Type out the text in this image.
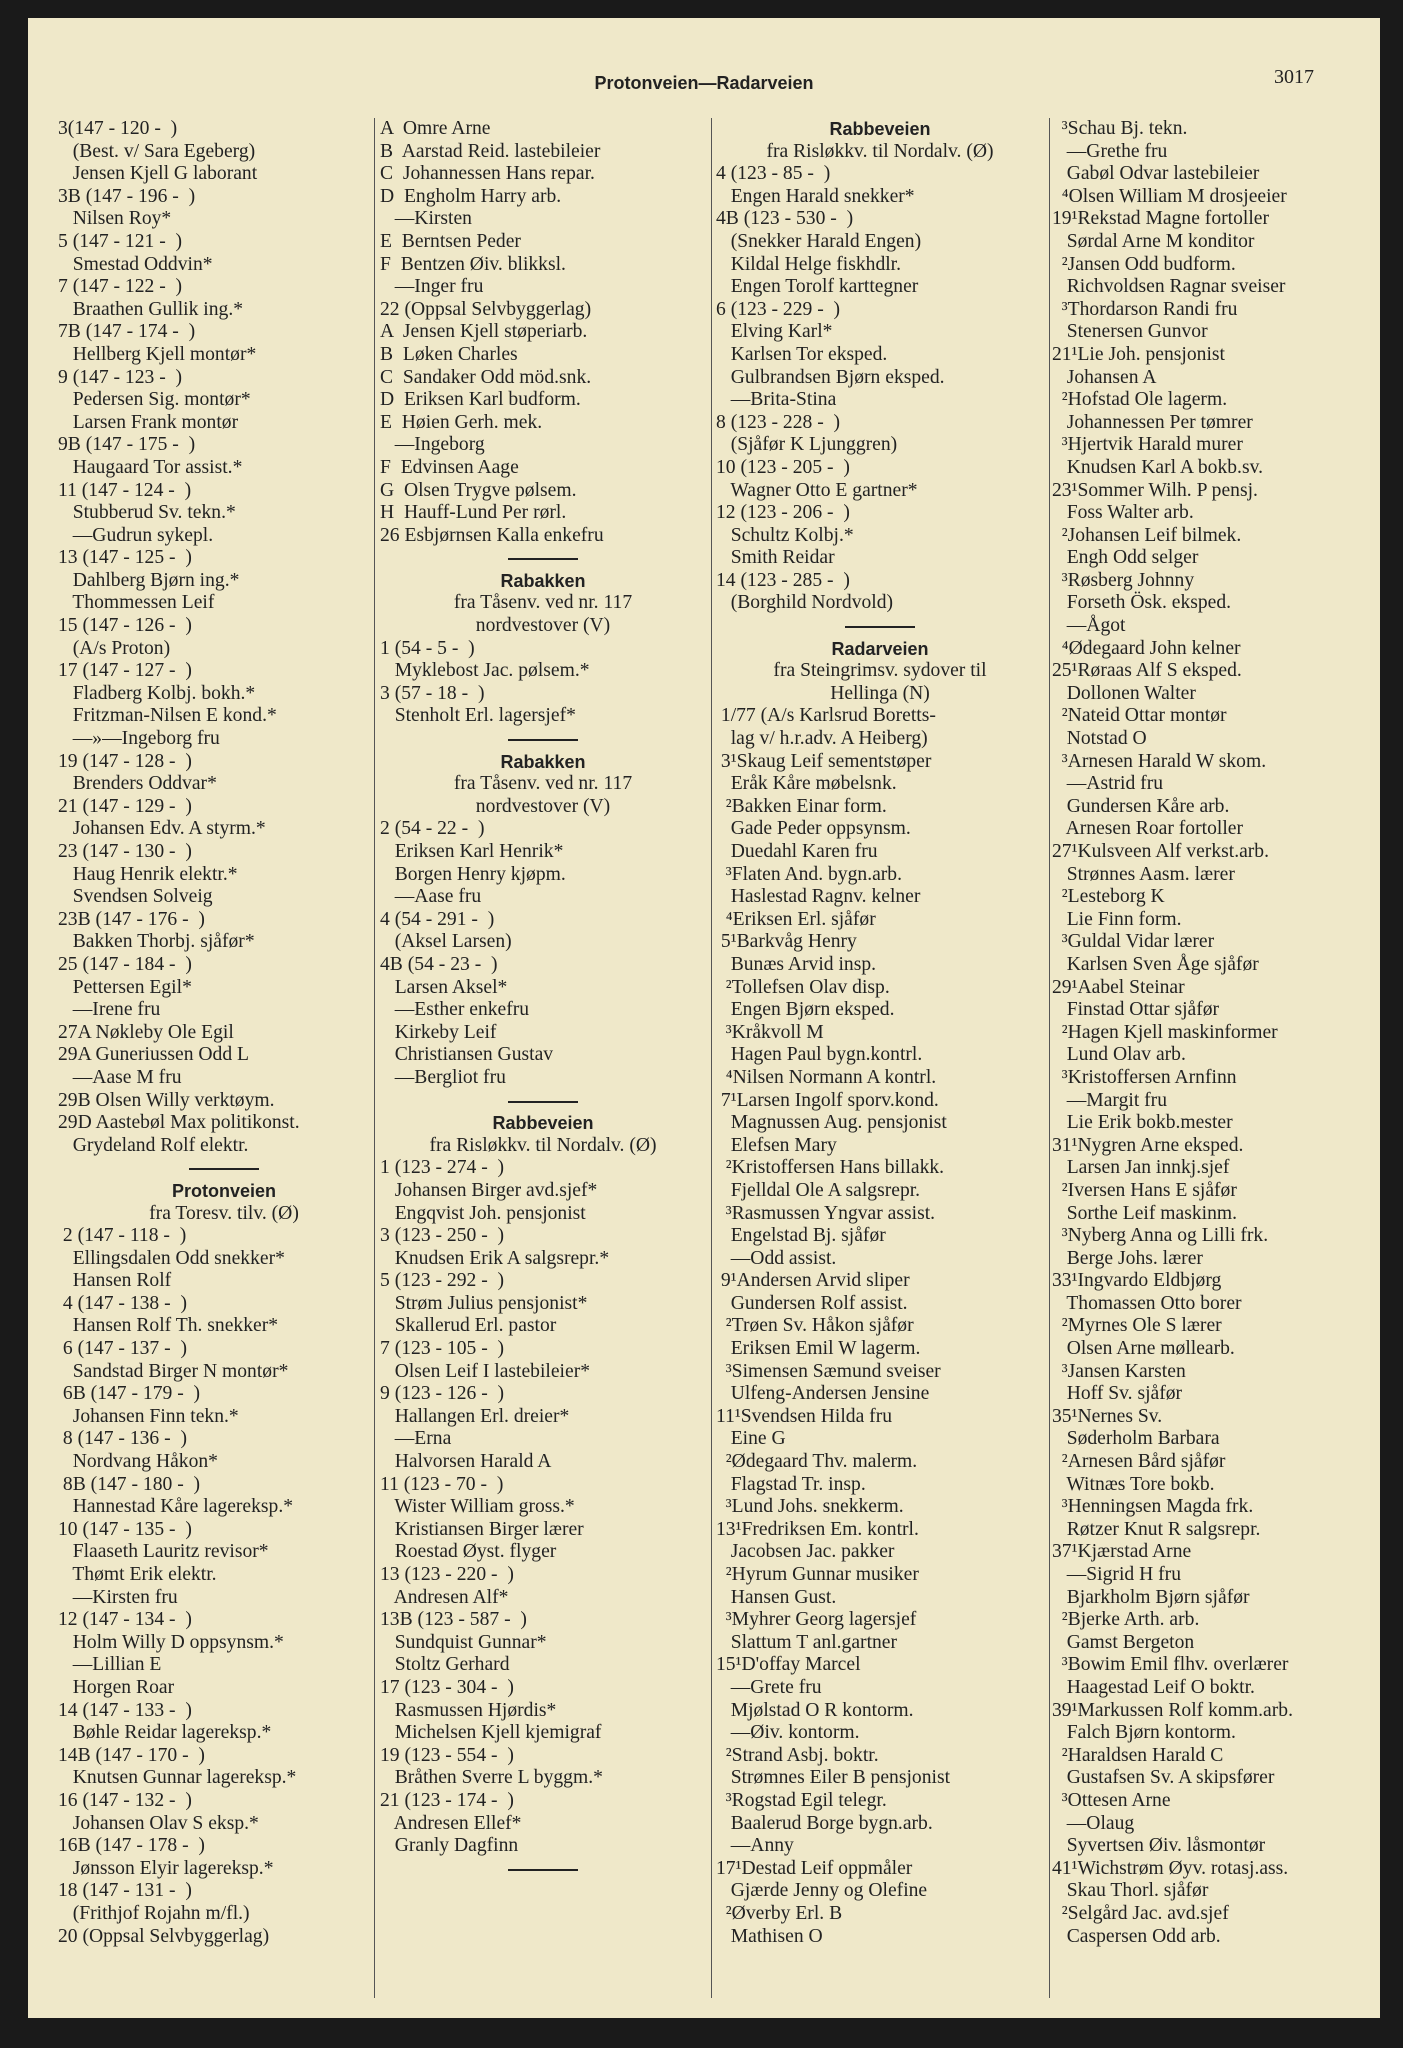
Protonveien—Radarveien	3017
3(147 - 120 -  )
(Best. v/ Sara Egeberg)
Jensen Kjell G laborant
3B (147 - 196 -  )
Nilsen Roy*
5 (147 - 121 -  )
Smestad Oddvin*
7 (147 - 122 -  )
Braathen Gullik ing.*
7B (147 - 174 -  )
Hellberg Kjell montør*
9 (147 - 123 -  )
Pedersen Sig. montør*
Larsen Frank montør
9B (147 - 175 -  )
Haugaard Tor assist.*
11 (147 - 124 -  )
Stubberud Sv. tekn.*
—Gudrun sykepl.
13 (147 - 125 -  )
Dahlberg Bjørn ing.*
Thommessen Leif
15 (147 - 126 -  )
(A/s Proton)
17 (147 - 127 -  )
Fladberg Kolbj. bokh.*
Fritzman-Nilsen E kond.*
—»—Ingeborg fru
19 (147 - 128 -  )
Brenders Oddvar*
21 (147 - 129 -  )
Johansen Edv. A styrm.*
23 (147 - 130 -  )
Haug Henrik elektr.*
Svendsen Solveig
23B (147 - 176 -  )
Bakken Thorbj. sjåfør*
25 (147 - 184 -  )
Pettersen Egil*
—Irene fru
27A Nøkleby Ole Egil
29A Guneriussen Odd L
—Aase M fru
29B Olsen Willy verktøym.
29D Aastebøl Max politikonst.
Grydeland Rolf elektr.
Protonveien
fra Toresv. tilv. (Ø)
2 (147 - 118 -  )
Ellingsdalen Odd snekker*
Hansen Rolf
4 (147 - 138 -  )
Hansen Rolf Th. snekker*
6 (147 - 137 -  )
Sandstad Birger N montør*
6B (147 - 179 -  )
Johansen Finn tekn.*
8 (147 - 136 -  )
Nordvang Håkon*
8B (147 - 180 -  )
Hannestad Kåre lagereksp.*
10 (147 - 135 -  )
Flaaseth Lauritz revisor*
Thømt Erik elektr.
—Kirsten fru
12 (147 - 134 -  )
Holm Willy D oppsynsm.*
—Lillian E
Horgen Roar
14 (147 - 133 -  )
Bøhle Reidar lagereksp.*
14B (147 - 170 -  )
Knutsen Gunnar lagereksp.*
16 (147 - 132 -  )
Johansen Olav S eksp.*
16B (147 - 178 -  )
Jønsson Elyir lagereksp.*
18 (147 - 131 -  )
(Frithjof Rojahn m/fl.)
20 (Oppsal Selvbyggerlag)
A  Omre Arne
B  Aarstad Reid. lastebileier
C  Johannessen Hans repar.
D  Engholm Harry arb.
—Kirsten
E  Berntsen Peder
F  Bentzen Øiv. blikksl.
—Inger fru
22 (Oppsal Selvbyggerlag)
A  Jensen Kjell støperiarb.
B  Løken Charles
C  Sandaker Odd möd.snk.
D  Eriksen Karl budform.
E  Høien Gerh. mek.
—Ingeborg
F  Edvinsen Aage
G  Olsen Trygve pølsem.
H  Hauff-Lund Per rørl.
26 Esbjørnsen Kalla enkefru
Rabakken
fra Tåsenv. ved nr. 117
nordvestover (V)
1 (54 - 5 -  )
Myklebost Jac. pølsem.*
3 (57 - 18 -  )
Stenholt Erl. lagersjef*
Rabakken
fra Tåsenv. ved nr. 117
nordvestover (V)
2 (54 - 22 -  )
Eriksen Karl Henrik*
Borgen Henry kjøpm.
—Aase fru
4 (54 - 291 -  )
(Aksel Larsen)
4B (54 - 23 -  )
Larsen Aksel*
—Esther enkefru
Kirkeby Leif
Christiansen Gustav
—Bergliot fru
Rabbeveien
fra Risløkkv. til Nordalv. (Ø)
1 (123 - 274 -  )
Johansen Birger avd.sjef*
Engqvist Joh. pensjonist
3 (123 - 250 -  )
Knudsen Erik A salgsrepr.*
5 (123 - 292 -  )
Strøm Julius pensjonist*
Skallerud Erl. pastor
7 (123 - 105 -  )
Olsen Leif I lastebileier*
9 (123 - 126 -  )
Hallangen Erl. dreier*
—Erna
Halvorsen Harald A
11 (123 - 70 -  )
Wister William gross.*
Kristiansen Birger lærer
Roestad Øyst. flyger
13 (123 - 220 -  )
Andresen Alf*
13B (123 - 587 -  )
Sundquist Gunnar*
Stoltz Gerhard
17 (123 - 304 -  )
Rasmussen Hjørdis*
Michelsen Kjell kjemigraf
19 (123 - 554 -  )
Bråthen Sverre L byggm.*
21 (123 - 174 -  )
Andresen Ellef*
Granly Dagfinn
Rabbeveien
fra Risløkkv. til Nordalv. (Ø)
4 (123 - 85 -  )
Engen Harald snekker*
4B (123 - 530 -  )
(Snekker Harald Engen)
Kildal Helge fiskhdlr.
Engen Torolf karttegner
6 (123 - 229 -  )
Elving Karl*
Karlsen Tor eksped.
Gulbrandsen Bjørn eksped.
—Brita-Stina
8 (123 - 228 -  )
(Sjåfør K Ljunggren)
10 (123 - 205 -  )
Wagner Otto E gartner*
12 (123 - 206 -  )
Schultz Kolbj.*
Smith Reidar
14 (123 - 285 -  )
(Borghild Nordvold)
Radarveien
fra Steingrimsv. sydover til
Hellinga (N)
1/77 (A/s Karlsrud Boretts-
lag v/ h.r.adv. A Heiberg)
3¹Skaug Leif sementstøper
Eråk Kåre møbelsnk.
²Bakken Einar form.
Gade Peder oppsynsm.
Duedahl Karen fru
³Flaten And. bygn.arb.
Haslestad Ragnv. kelner
⁴Eriksen Erl. sjåfør
5¹Barkvåg Henry
Bunæs Arvid insp.
²Tollefsen Olav disp.
Engen Bjørn eksped.
³Kråkvoll M
Hagen Paul bygn.kontrl.
⁴Nilsen Normann A kontrl.
7¹Larsen Ingolf sporv.kond.
Magnussen Aug. pensjonist
Elefsen Mary
²Kristoffersen Hans billakk.
Fjelldal Ole A salgsrepr.
³Rasmussen Yngvar assist.
Engelstad Bj. sjåfør
—Odd assist.
9¹Andersen Arvid sliper
Gundersen Rolf assist.
²Trøen Sv. Håkon sjåfør
Eriksen Emil W lagerm.
³Simensen Sæmund sveiser
Ulfeng-Andersen Jensine
11¹Svendsen Hilda fru
Eine G
²Ødegaard Thv. malerm.
Flagstad Tr. insp.
³Lund Johs. snekkerm.
13¹Fredriksen Em. kontrl.
Jacobsen Jac. pakker
²Hyrum Gunnar musiker
Hansen Gust.
³Myhrer Georg lagersjef
Slattum T anl.gartner
15¹D'offay Marcel
—Grete fru
Mjølstad O R kontorm.
—Øiv. kontorm.
²Strand Asbj. boktr.
Strømnes Eiler B pensjonist
³Rogstad Egil telegr.
Baalerud Borge bygn.arb.
—Anny
17¹Destad Leif oppmåler
Gjærde Jenny og Olefine
²Øverby Erl. B
Mathisen O
³Schau Bj. tekn.
—Grethe fru
Gabøl Odvar lastebileier
⁴Olsen William M drosjeeier
19¹Rekstad Magne fortoller
Sørdal Arne M konditor
²Jansen Odd budform.
Richvoldsen Ragnar sveiser
³Thordarson Randi fru
Stenersen Gunvor
21¹Lie Joh. pensjonist
Johansen A
²Hofstad Ole lagerm.
Johannessen Per tømrer
³Hjertvik Harald murer
Knudsen Karl A bokb.sv.
23¹Sommer Wilh. P pensj.
Foss Walter arb.
²Johansen Leif bilmek.
Engh Odd selger
³Røsberg Johnny
Forseth Ösk. eksped.
—Ågot
⁴Ødegaard John kelner
25¹Røraas Alf S eksped.
Dollonen Walter
²Nateid Ottar montør
Notstad O
³Arnesen Harald W skom.
—Astrid fru
Gundersen Kåre arb.
Arnesen Roar fortoller
27¹Kulsveen Alf verkst.arb.
Strønnes Aasm. lærer
²Lesteborg K
Lie Finn form.
³Guldal Vidar lærer
Karlsen Sven Åge sjåfør
29¹Aabel Steinar
Finstad Ottar sjåfør
²Hagen Kjell maskinformer
Lund Olav arb.
³Kristoffersen Arnfinn
—Margit fru
Lie Erik bokb.mester
31¹Nygren Arne eksped.
Larsen Jan innkj.sjef
²Iversen Hans E sjåfør
Sorthe Leif maskinm.
³Nyberg Anna og Lilli frk.
Berge Johs. lærer
33¹Ingvardo Eldbjørg
Thomassen Otto borer
²Myrnes Ole S lærer
Olsen Arne møllearb.
³Jansen Karsten
Hoff Sv. sjåfør
35¹Nernes Sv.
Søderholm Barbara
²Arnesen Bård sjåfør
Witnæs Tore bokb.
³Henningsen Magda frk.
Røtzer Knut R salgsrepr.
37¹Kjærstad Arne
—Sigrid H fru
Bjarkholm Bjørn sjåfør
²Bjerke Arth. arb.
Gamst Bergeton
³Bowim Emil flhv. overlærer
Haagestad Leif O boktr.
39¹Markussen Rolf komm.arb.
Falch Bjørn kontorm.
²Haraldsen Harald C
Gustafsen Sv. A skipsfører
³Ottesen Arne
—Olaug
Syvertsen Øiv. låsmontør
41¹Wichstrøm Øyv. rotasj.ass.
Skau Thorl. sjåfør
²Selgård Jac. avd.sjef
Caspersen Odd arb.
